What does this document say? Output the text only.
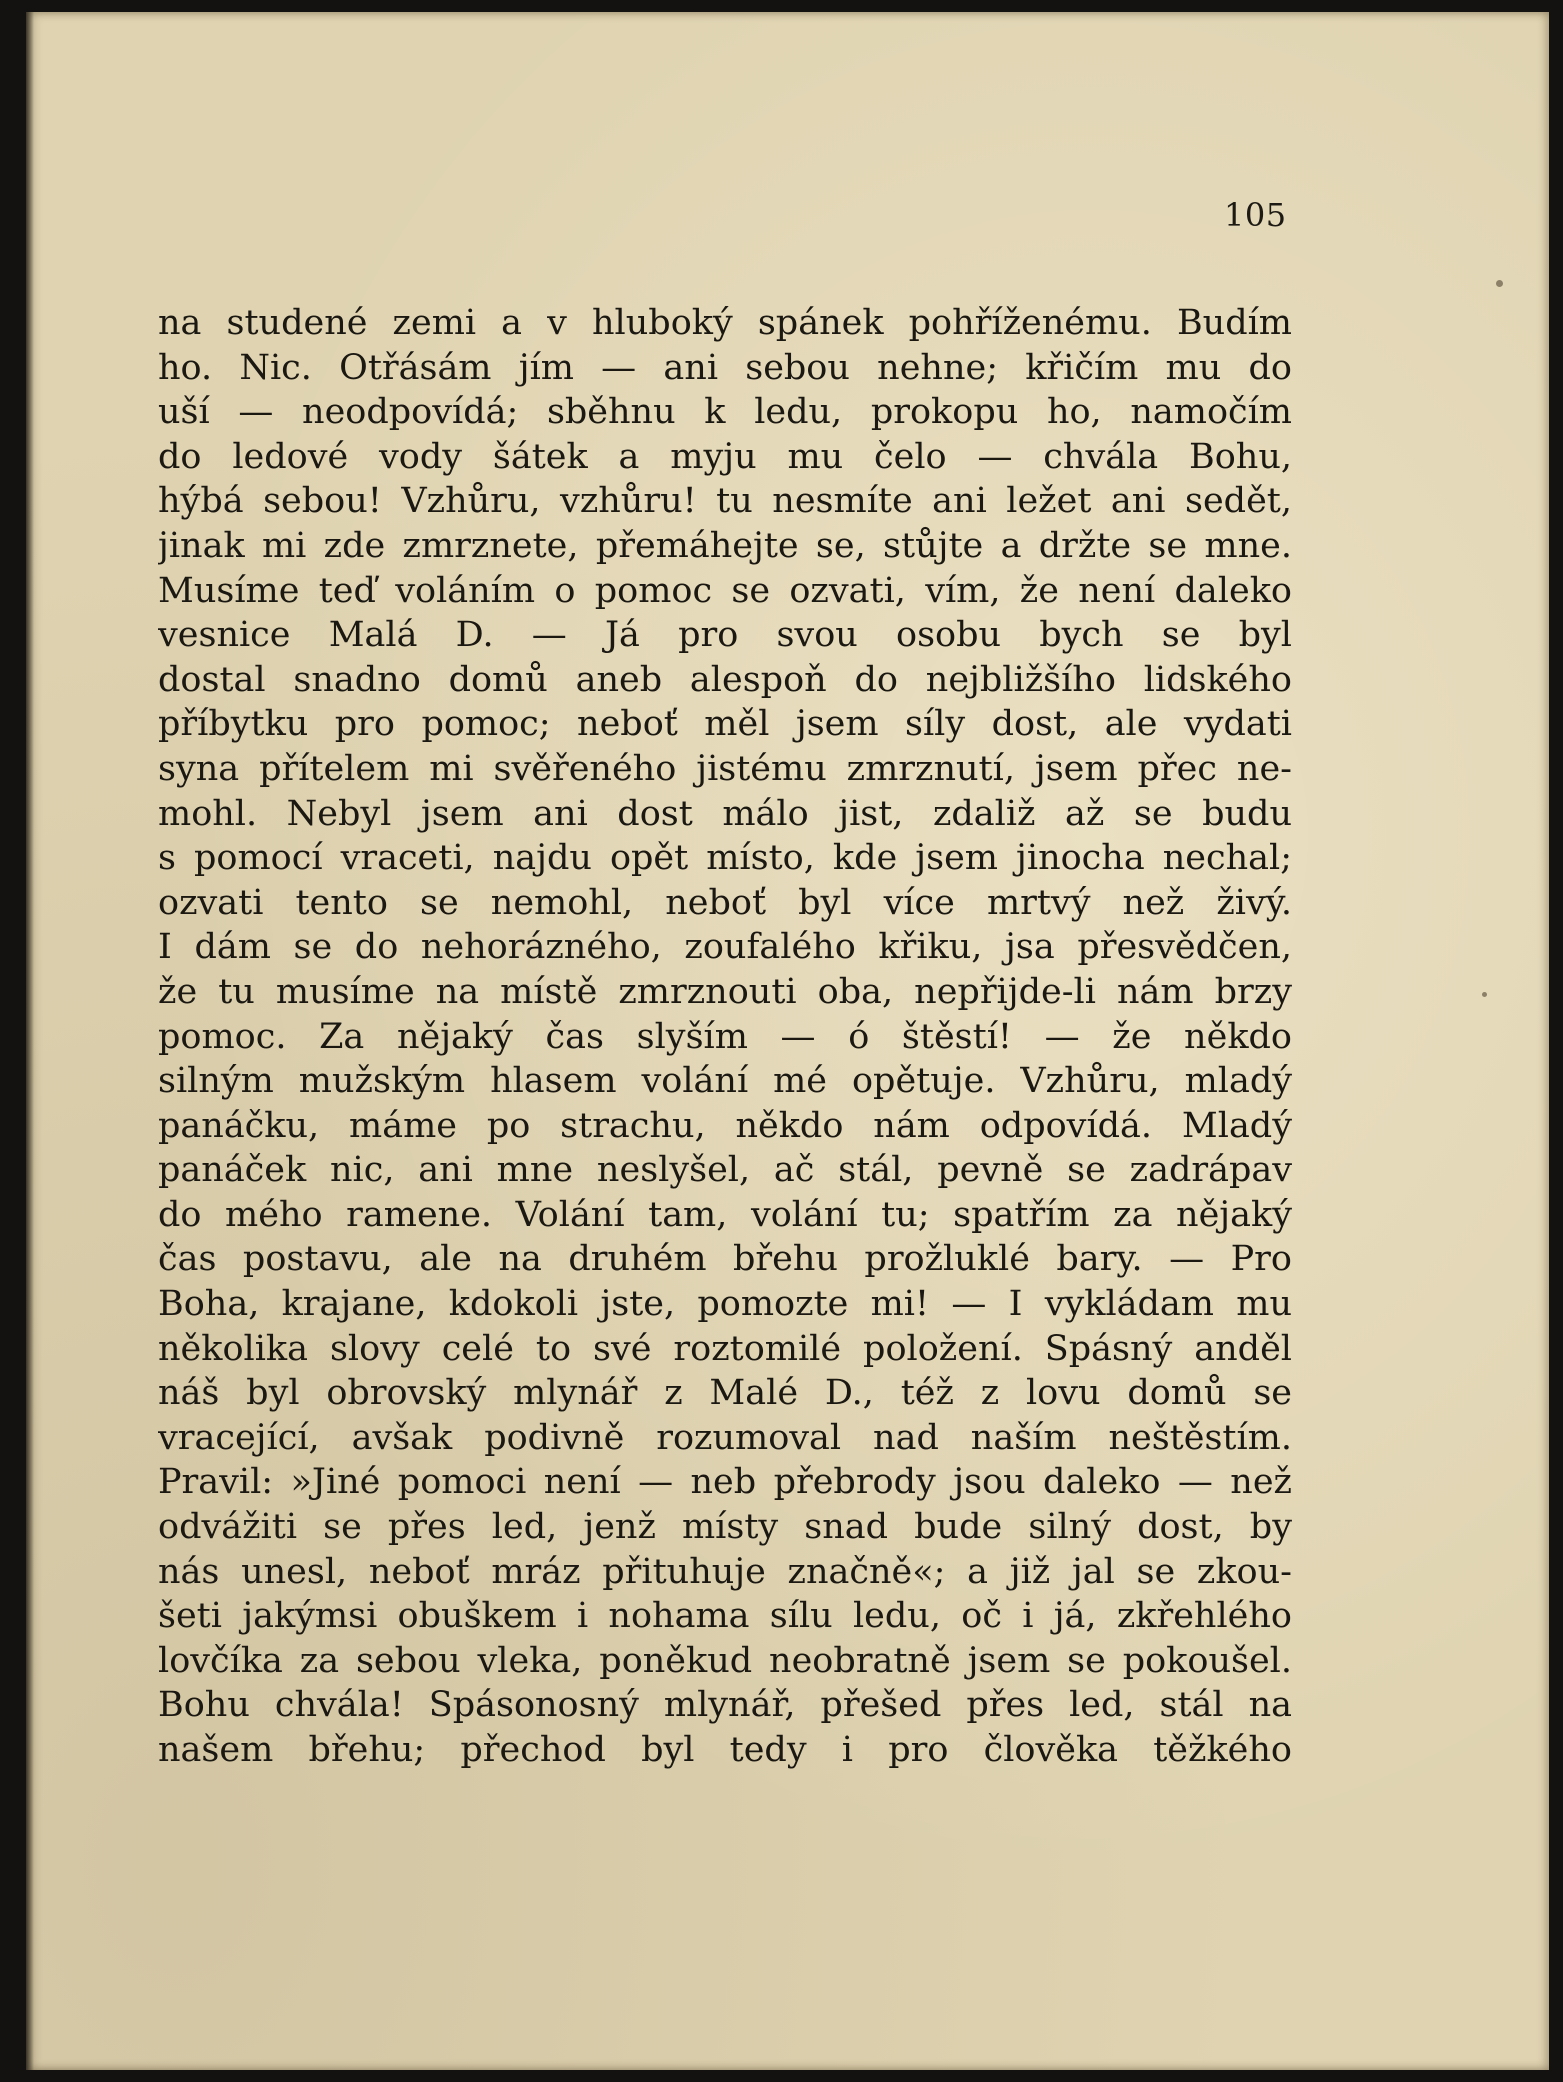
105
na studené zemi a v hluboký spánek pohříženému. Budím
ho. Nic. Otřásám jím — ani sebou nehne; křičím mu do
uší — neodpovídá; sběhnu k ledu, prokopu ho, namočím
do ledové vody šátek a myju mu čelo — chvála Bohu,
hýbá sebou! Vzhůru, vzhůru! tu nesmíte ani ležet ani sedět,
jinak mi zde zmrznete, přemáhejte se, stůjte a držte se mne.
Musíme teď voláním o pomoc se ozvati, vím, že není daleko
vesnice Malá D. — Já pro svou osobu bych se byl
dostal snadno domů aneb alespoň do nejbližšího lidského
příbytku pro pomoc; neboť měl jsem síly dost, ale vydati
syna přítelem mi svěřeného jistému zmrznutí, jsem přec ne-
mohl. Nebyl jsem ani dost málo jist, zdaliž až se budu
s pomocí vraceti, najdu opět místo, kde jsem jinocha nechal;
ozvati tento se nemohl, neboť byl více mrtvý než živý.
I dám se do nehorázného, zoufalého křiku, jsa přesvědčen,
že tu musíme na místě zmrznouti oba, nepřijde-li nám brzy
pomoc. Za nějaký čas slyším — ó štěstí! — že někdo
silným mužským hlasem volání mé opětuje. Vzhůru, mladý
panáčku, máme po strachu, někdo nám odpovídá. Mladý
panáček nic, ani mne neslyšel, ač stál, pevně se zadrápav
do mého ramene. Volání tam, volání tu; spatřím za nějaký
čas postavu, ale na druhém břehu prožluklé bary. — Pro
Boha, krajane, kdokoli jste, pomozte mi! — I vykládam mu
několika slovy celé to své roztomilé položení. Spásný anděl
náš byl obrovský mlynář z Malé D., též z lovu domů se
vracející, avšak podivně rozumoval nad naším neštěstím.
Pravil: »Jiné pomoci není — neb přebrody jsou daleko — než
odvážiti se přes led, jenž místy snad bude silný dost, by
nás unesl, neboť mráz přituhuje značně«; a již jal se zkou-
šeti jakýmsi obuškem i nohama sílu ledu, oč i já, zkřehlého
lovčíka za sebou vleka, poněkud neobratně jsem se pokoušel.
Bohu chvála! Spásonosný mlynář, přešed přes led, stál na
našem břehu; přechod byl tedy i pro člověka těžkého
